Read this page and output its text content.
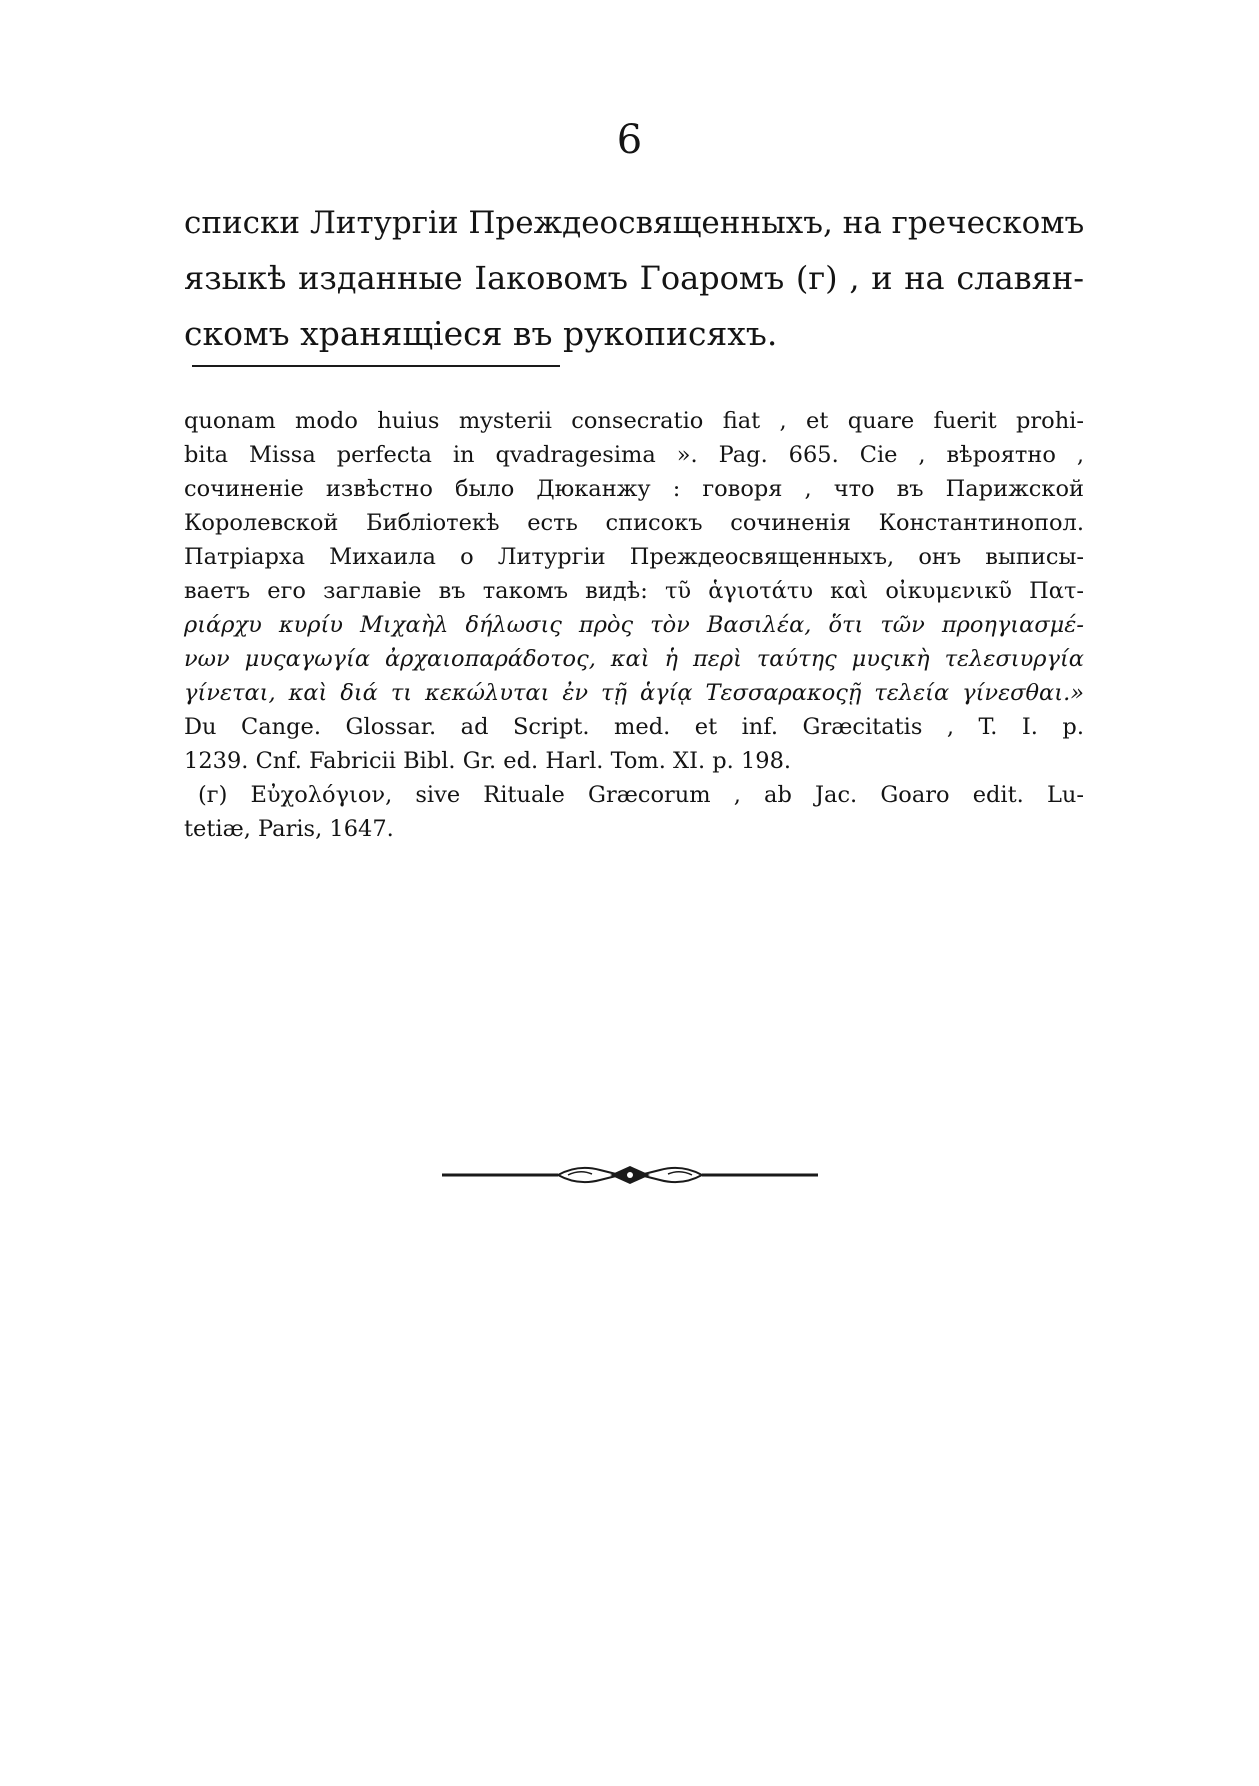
6
списки Литургіи Преждеосвященныхъ, на греческомъ
языкѣ изданные Іаковомъ Гоаромъ (г) , и на славян-
скомъ хранящіеся въ рукописяхъ.
quonam modo huius mysterii consecratio fiat , et quare fuerit prohi-
bita Missa perfecta in qvadragesima ». Pag. 665. Cie , вѣроятно ,
сочиненіе извѣстно было Дюканжу : говоря , что въ Парижской
Королевской Библіотекѣ есть списокъ сочиненія Константинопол.
Патріарха Михаила о Литургіи Преждеосвященныхъ, онъ выписы-
ваетъ его заглавіе въ такомъ видѣ: τῦ ἁγιοτάτυ καὶ οἰκυμενικῦ Πατ-
ριάρχυ κυρίυ Μιχαὴλ δήλωσις πρὸς τὸν Βασιλέα, ὅτι τῶν προηγιασμέ-
νων μυςαγωγία ἀρχαιοπαράδοτος, καὶ ἡ περὶ ταύτης μυςικὴ τελεσιυργία
γίνεται, καὶ διά τι κεκώλυται ἐν τῇ ἁγίᾳ Τεσσαρακοςῇ τελεία γίνεσθαι.»
Du Cange. Glossar. ad Script. med. et inf. Græcitatis , T. I. p.
1239. Cnf. Fabricii Bibl. Gr. ed. Harl. Tom. XI. p. 198.
(г) Εὐχολόγιον, sive Rituale Græcorum , ab Jac. Goaro edit. Lu-
tetiæ, Paris, 1647.
